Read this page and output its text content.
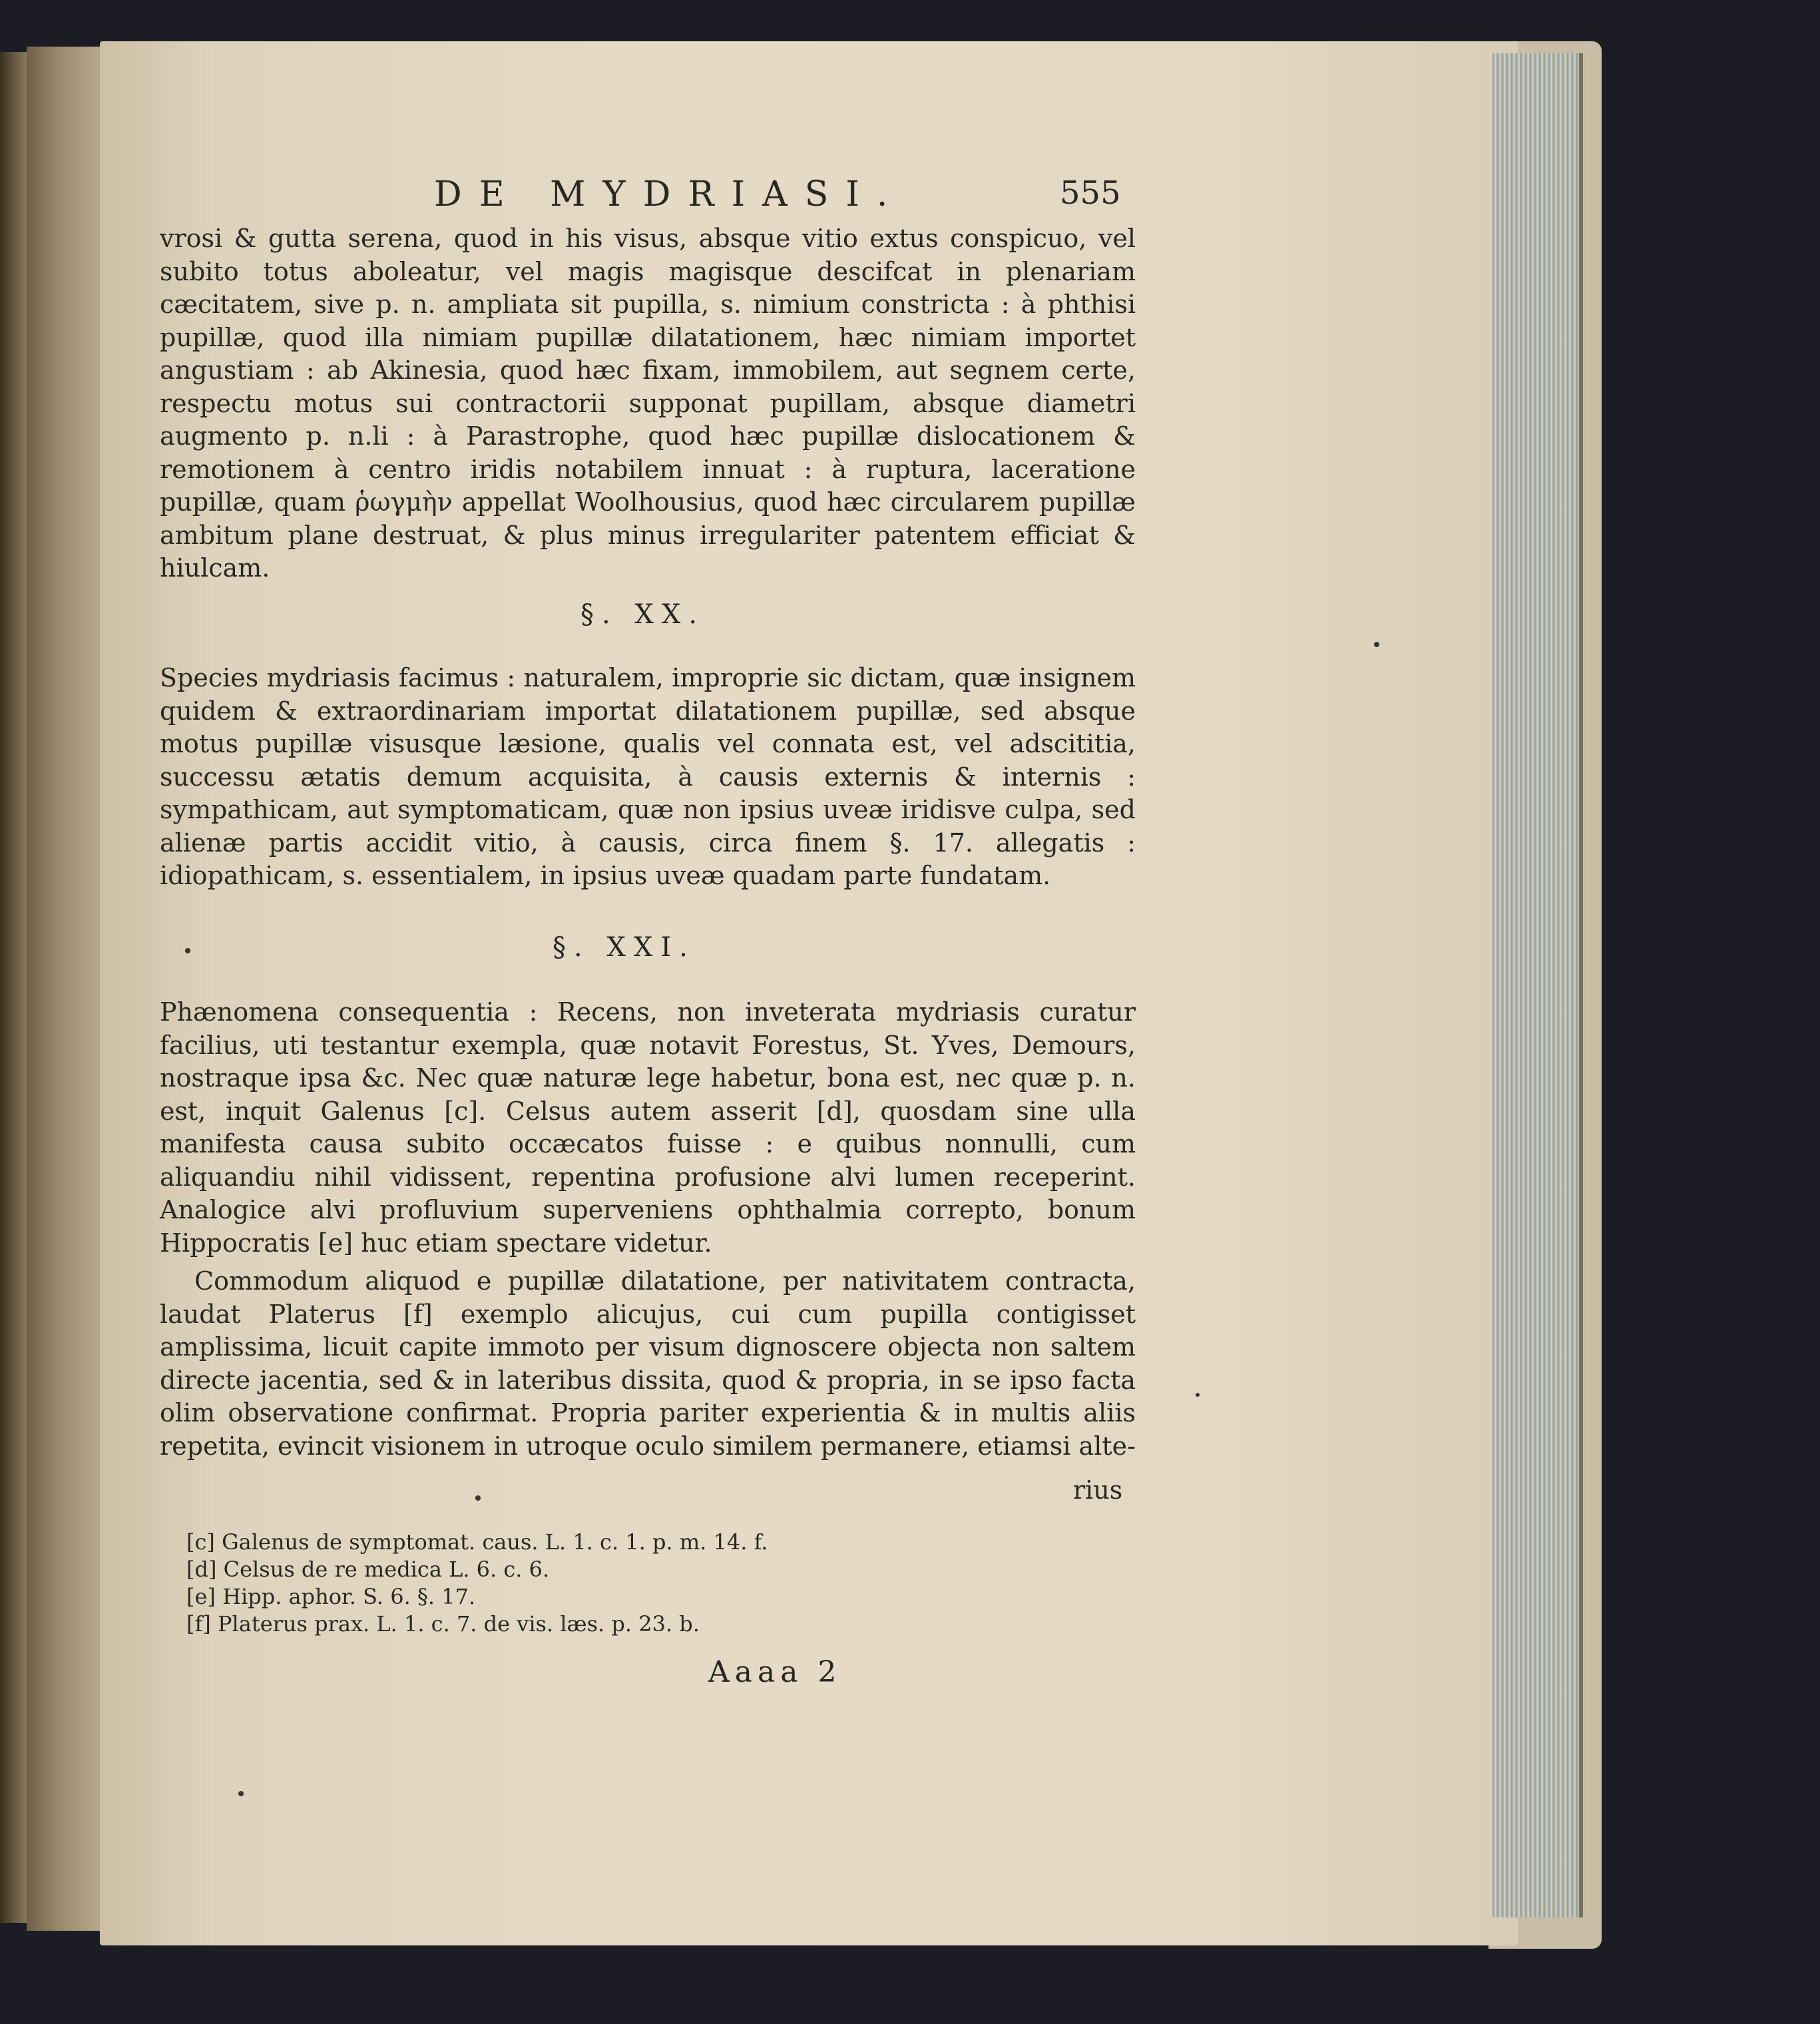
DE MYDRIASI.	555
vrosi & gutta serena, quod in his visus, absque vitio extus conspicuo, vel subito totus aboleatur, vel magis magisque descifcat in plenariam cæcitatem, sive p. n. ampliata sit pupilla, s. nimium constricta : à phthisi pupillæ, quod illa nimiam pupillæ dilatationem, hæc nimiam importet angustiam : ab Akinesia, quod hæc fixam, immobilem, aut segnem certe, respectu motus sui contractorii supponat pupillam, absque diametri augmento p. n.li : à Parastrophe, quod hæc pupillæ dislocationem & remotionem à centro iridis notabilem innuat : à ruptura, laceratione pupillæ, quam ῥωγμὴν appellat Woolhousius, quod hæc circularem pupillæ ambitum plane destruat, & plus minus irregulariter patentem efficiat & hiulcam.
§. XX.
Species mydriasis facimus : naturalem, improprie sic dictam, quæ insignem quidem & extraordinariam importat dilatationem pupillæ, sed absque motus pupillæ visusque læsione, qualis vel connata est, vel adscititia, successu ætatis demum acquisita, à causis externis & internis : sympathicam, aut symptomaticam, quæ non ipsius uveæ iridisve culpa, sed alienæ partis accidit vitio, à causis, circa finem §. 17. allegatis : idiopathicam, s. essentialem, in ipsius uveæ quadam parte fundatam.
§. XXI.
Phænomena consequentia : Recens, non inveterata mydriasis curatur facilius, uti testantur exempla, quæ notavit Forestus, St. Yves, Demours, nostraque ipsa &c. Nec quæ naturæ lege habetur, bona est, nec quæ p. n. est, inquit Galenus [c]. Celsus autem asserit [d], quosdam sine ulla manifesta causa subito occæcatos fuisse : e quibus nonnulli, cum aliquandiu nihil vidissent, repentina profusione alvi lumen receperint. Analogice alvi profluvium superveniens ophthalmia correpto, bonum Hippocratis [e] huc etiam spectare videtur.
Commodum aliquod e pupillæ dilatatione, per nativitatem contracta, laudat Platerus [f] exemplo alicujus, cui cum pupilla contigisset amplissima, licuit capite immoto per visum dignoscere objecta non saltem directe jacentia, sed & in lateribus dissita, quod & propria, in se ipso facta olim observatione confirmat. Propria pariter experientia & in multis aliis repetita, evincit visionem in utroque oculo similem permanere, etiamsi alte-
rius
[c] Galenus de symptomat. caus. L. 1. c. 1. p. m. 14. f.
[d] Celsus de re medica L. 6. c. 6.
[e] Hipp. aphor. S. 6. §. 17.
[f] Platerus prax. L. 1. c. 7. de vis. læs. p. 23. b.
Aaaa 2
